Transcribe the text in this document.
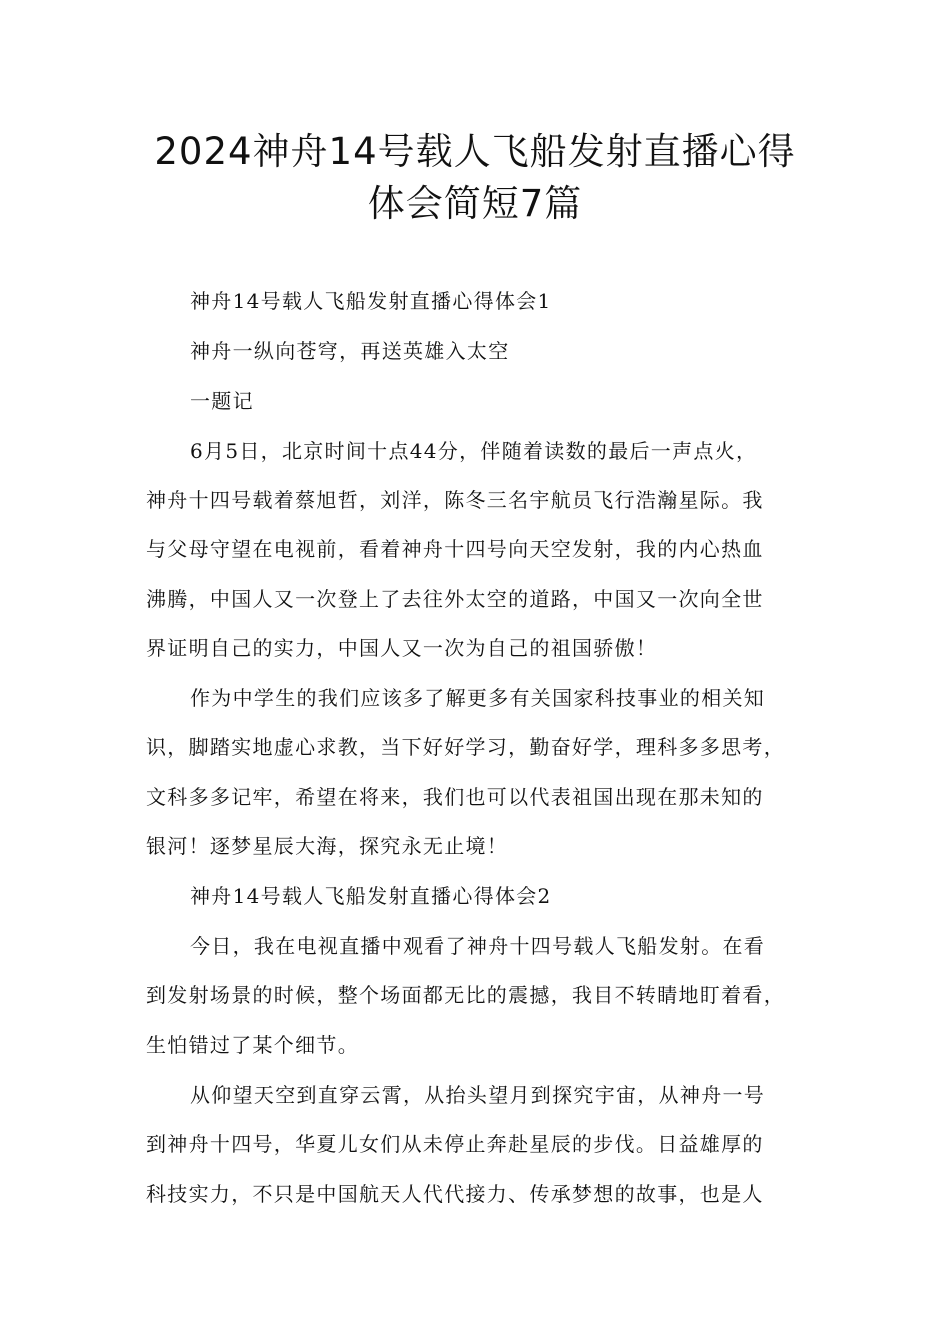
2024神舟14号载人飞船发射直播心得
体会简短7篇
神舟14号载人飞船发射直播心得体会1
神舟一纵向苍穹，再送英雄入太空
一题记
6月5日，北京时间十点44分，伴随着读数的最后一声点火，
神舟十四号载着蔡旭哲，刘洋，陈冬三名宇航员飞行浩瀚星际。我
与父母守望在电视前，看着神舟十四号向天空发射，我的内心热血
沸腾，中国人又一次登上了去往外太空的道路，中国又一次向全世
界证明自己的实力，中国人又一次为自己的祖国骄傲！
作为中学生的我们应该多了解更多有关国家科技事业的相关知
识，脚踏实地虚心求教，当下好好学习，勤奋好学，理科多多思考，
文科多多记牢，希望在将来，我们也可以代表祖国出现在那未知的
银河！逐梦星辰大海，探究永无止境！
神舟14号载人飞船发射直播心得体会2
今日，我在电视直播中观看了神舟十四号载人飞船发射。在看
到发射场景的时候，整个场面都无比的震撼，我目不转睛地盯着看，
生怕错过了某个细节。
从仰望天空到直穿云霄，从抬头望月到探究宇宙，从神舟一号
到神舟十四号，华夏儿女们从未停止奔赴星辰的步伐。日益雄厚的
科技实力，不只是中国航天人代代接力、传承梦想的故事，也是人
